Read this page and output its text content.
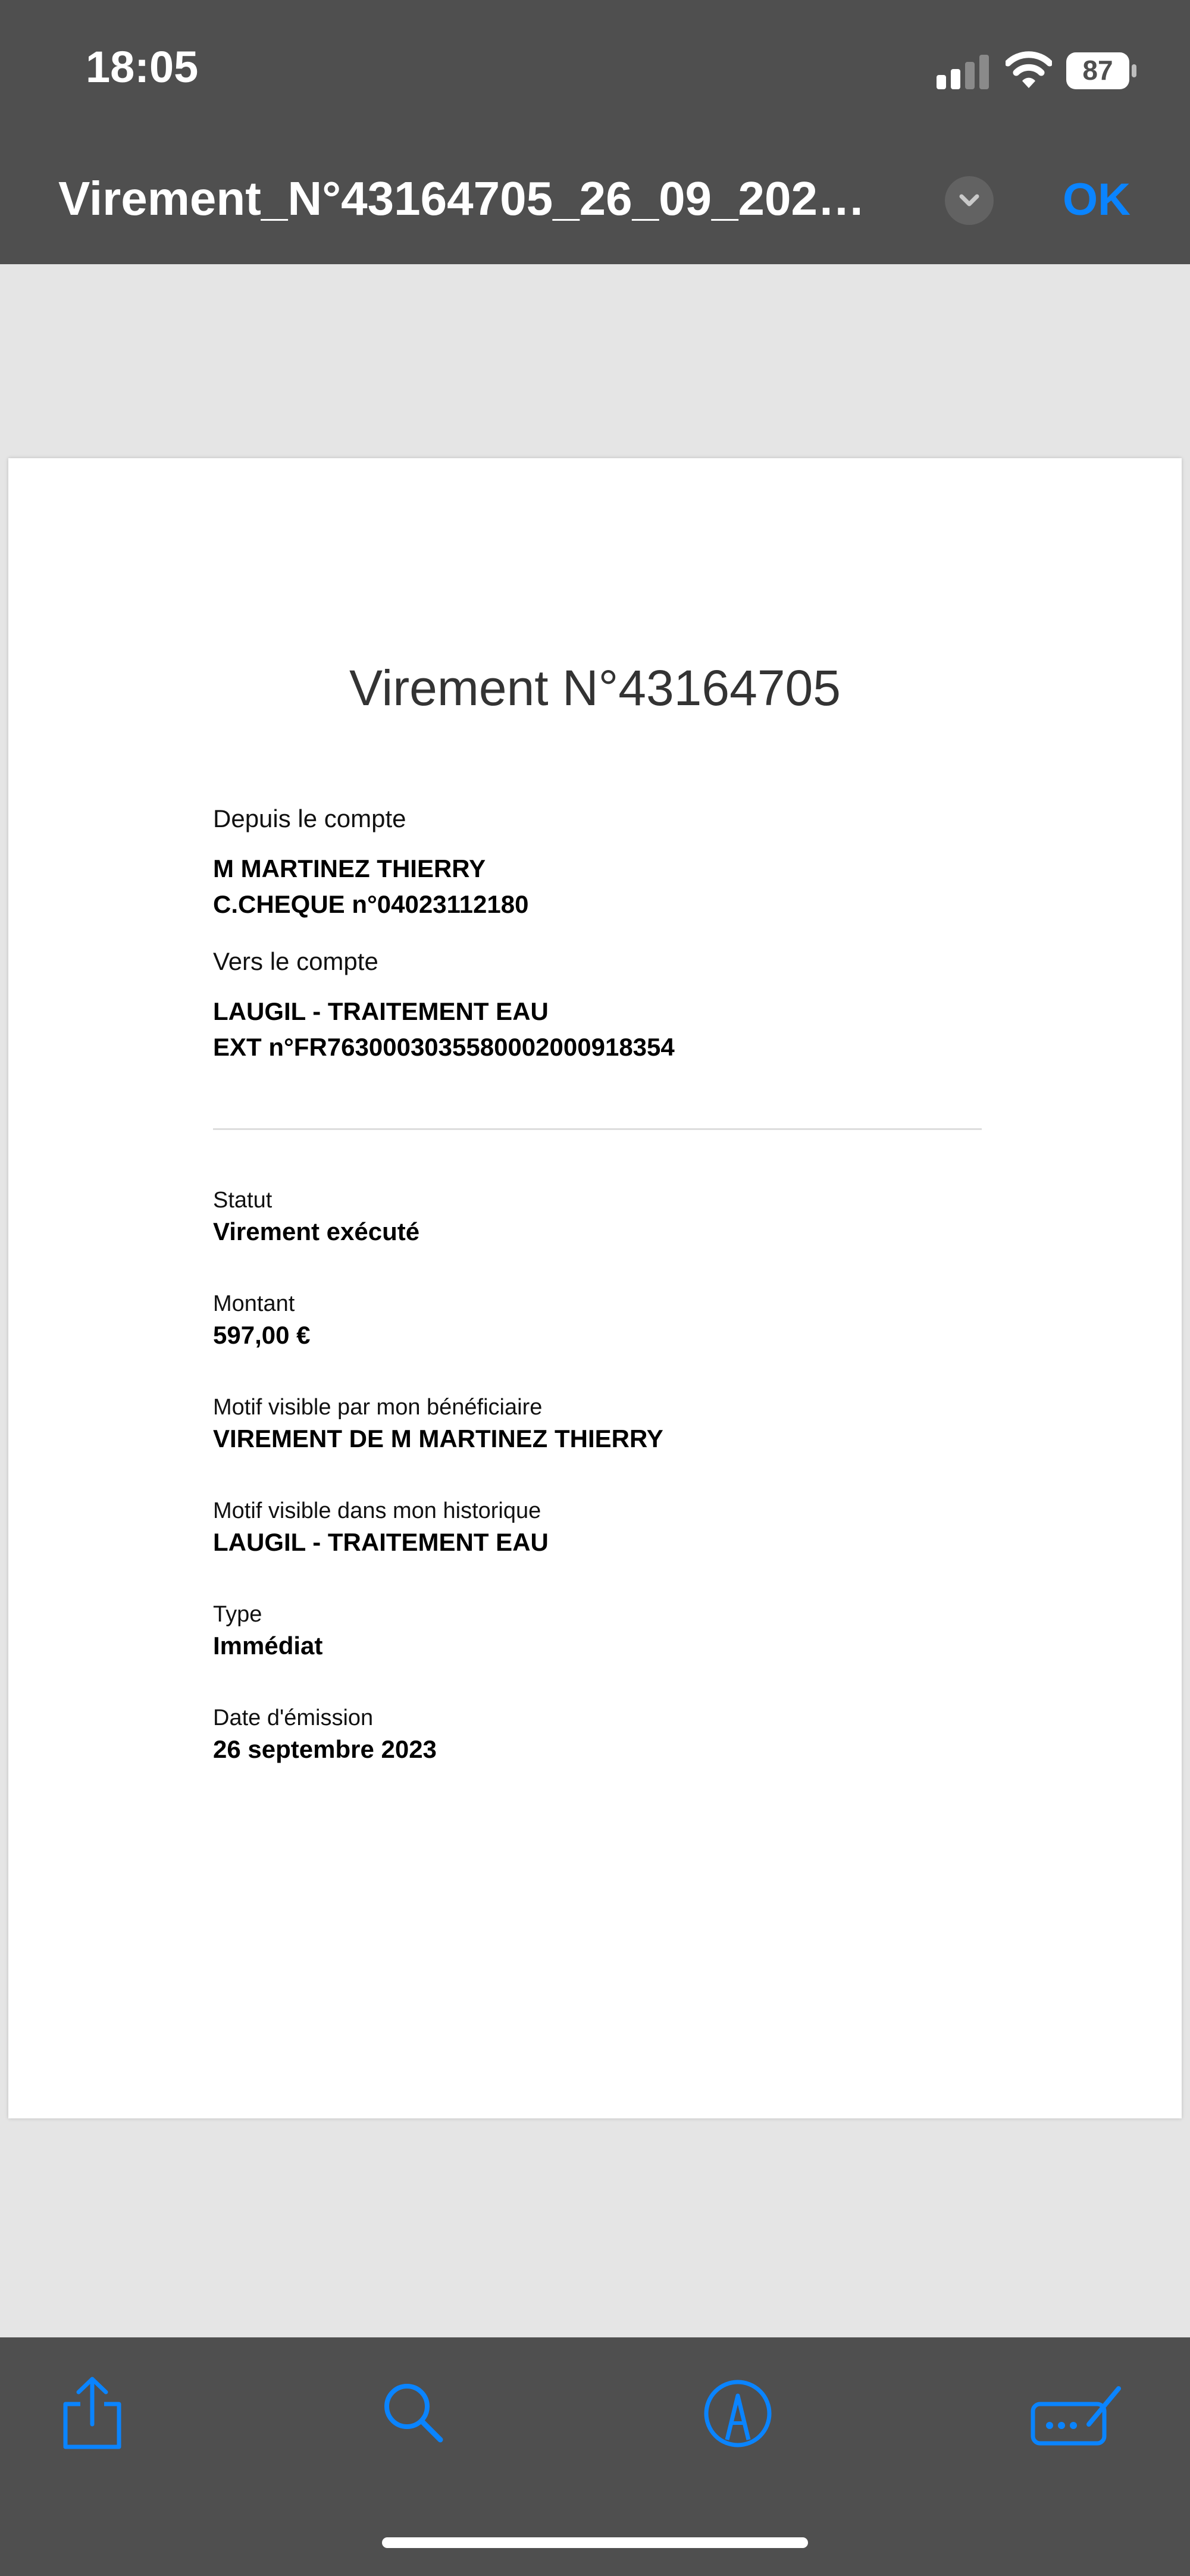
18:05	87
Virement_N°43164705_26_09_202…	OK
Virement N°43164705
Depuis le compte
M MARTINEZ THIERRY
C.CHEQUE n°04023112180
Vers le compte
LAUGIL - TRAITEMENT EAU
EXT n°FR7630003035580002000918354
Statut
Virement exécuté
Montant
597,00 €
Motif visible par mon bénéficiaire
VIREMENT DE M MARTINEZ THIERRY
Motif visible dans mon historique
LAUGIL - TRAITEMENT EAU
Type
Immédiat
Date d'émission
26 septembre 2023
